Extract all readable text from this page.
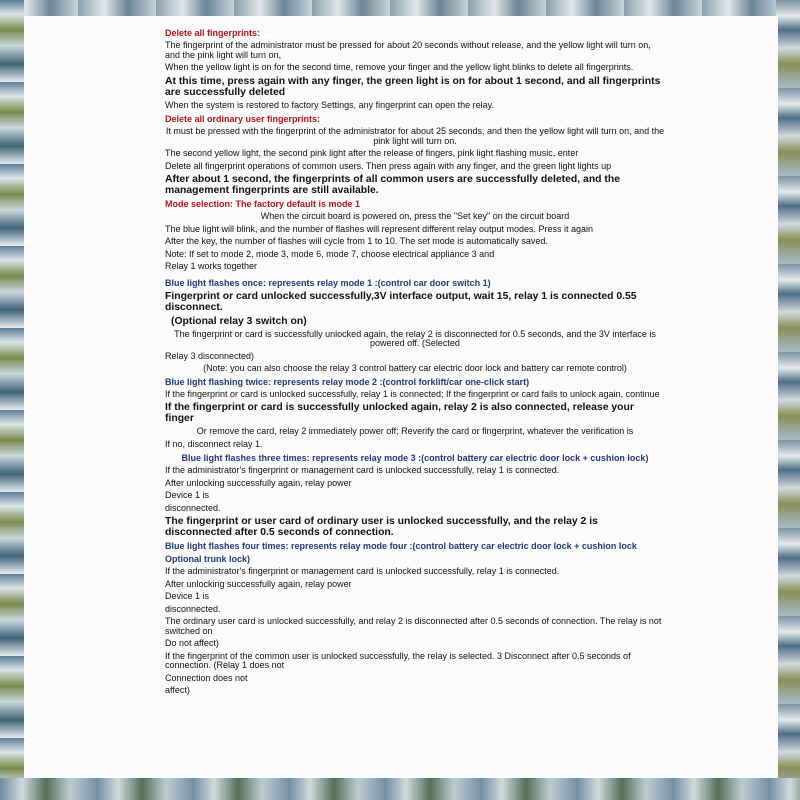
Delete all fingerprints:

The fingerprint of the administrator must be pressed for about 20 seconds without release, and the yellow light will turn on, and the pink light will turn on,

When the yellow light is on for the second time, remove your finger and the yellow light blinks to delete all fingerprints.

At this time, press again with any finger, the green light is on for about 1 second, and all fingerprints are successfully deleted

When the system is restored to factory Settings, any fingerprint can open the relay.

Delete all ordinary user fingerprints:

It must be pressed with the fingerprint of the administrator for about 25 seconds, and then the yellow light will turn on, and the pink light will turn on.

The second yellow light, the second pink light after the release of fingers, pink light flashing music, enter

Delete all fingerprint operations of common users. Then press again with any finger, and the green light lights up

After about 1 second, the fingerprints of all common users are successfully deleted, and the management fingerprints are still available.

Mode selection: The factory default is mode 1

When the circuit board is powered on, press the "Set key" on the circuit board

The blue light will blink, and the number of flashes will represent different relay output modes. Press it again

After the key, the number of flashes will cycle from 1 to 10. The set mode is automatically saved.

Note: If set to mode 2, mode 3, mode 6, mode 7, choose electrical appliance 3 and

Relay 1 works together

Blue light flashes once: represents relay mode 1 :(control car door switch 1)

Fingerprint or card unlocked successfully,3V interface output, wait 15, relay 1 is connected 0.55 disconnect.

(Optional relay 3 switch on)

The fingerprint or card is successfully unlocked again, the relay 2 is disconnected for 0.5 seconds, and the 3V interface is powered off. (Selected

Relay 3 disconnected)

(Note: you can also choose the relay 3 control battery car electric door lock and battery car remote control)

Blue light flashing twice: represents relay mode 2 :(control forklift/car one-click start)

If the fingerprint or card is unlocked successfully, relay 1 is connected; If the fingerprint or card fails to unlock again, continue

If the fingerprint or card is successfully unlocked again, relay 2 is also connected, release your finger

Or remove the card, relay 2 immediately power off; Reverify the card or fingerprint, whatever the verification is

If no, disconnect relay 1.

Blue light flashes three times: represents relay mode 3 :(control battery car electric door lock + cushion lock)

If the administrator's fingerprint or management card is unlocked successfully, relay 1 is connected.

After unlocking successfully again, relay power

Device 1 is

disconnected.

The fingerprint or user card of ordinary user is unlocked successfully, and the relay 2 is disconnected after 0.5 seconds of connection.

Blue light flashes four times: represents relay mode four :(control battery car electric door lock + cushion lock

Optional trunk lock)

If the administrator's fingerprint or management card is unlocked successfully, relay 1 is connected.

After unlocking successfully again, relay power

Device 1 is

disconnected.

The ordinary user card is unlocked successfully, and relay 2 is disconnected after 0.5 seconds of connection. The relay is not switched on

Do not affect)

If the fingerprint of the common user is unlocked successfully, the relay is selected. 3 Disconnect after 0.5 seconds of connection. (Relay 1 does not

Connection does not

affect)
